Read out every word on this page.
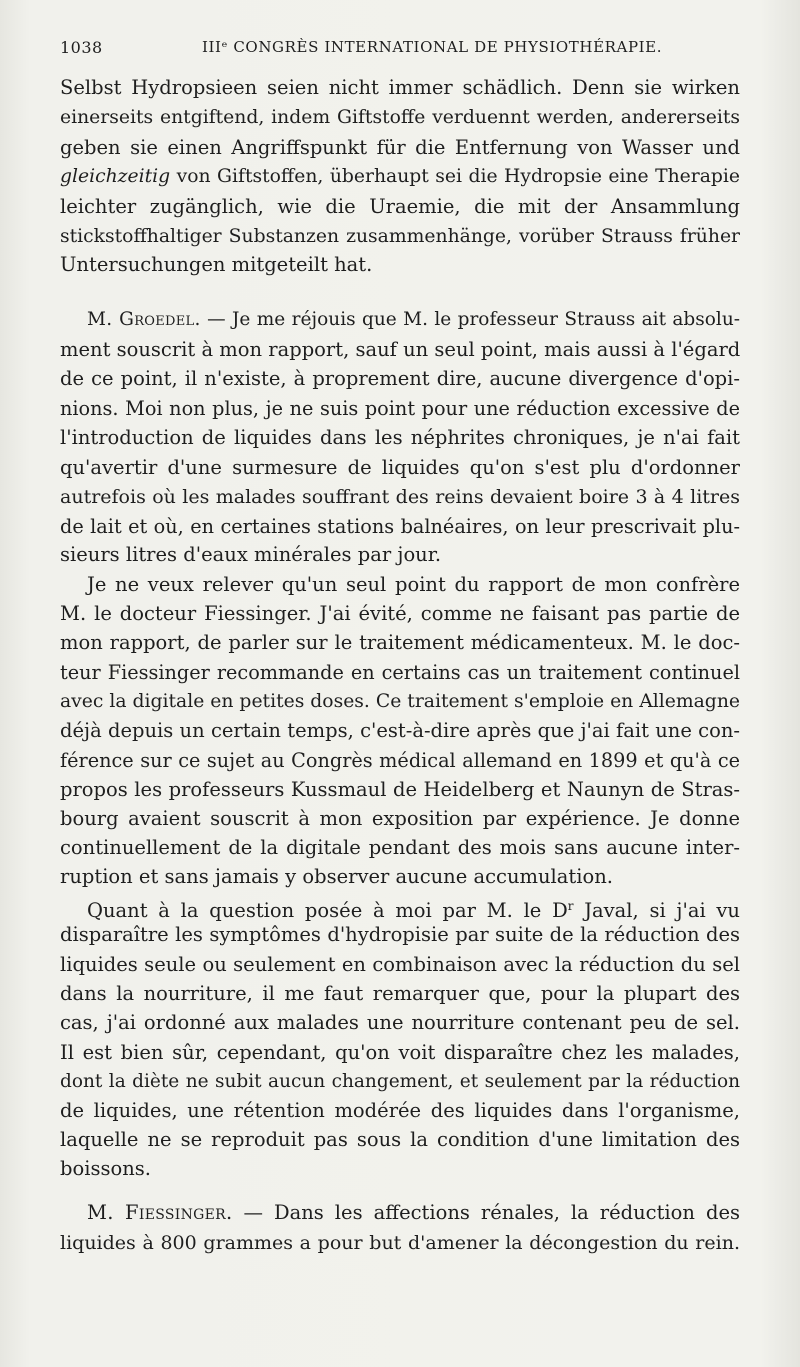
1038	IIIᵉ CONGRÈS INTERNATIONAL DE PHYSIOTHÉRAPIE.
Selbst Hydropsieen seien nicht immer schädlich. Denn sie wirken
einerseits entgiftend, indem Giftstoffe verduennt werden, andererseits
geben sie einen Angriffspunkt für die Entfernung von Wasser und
gleichzeitig von Giftstoffen, überhaupt sei die Hydropsie eine Therapie
leichter zugänglich, wie die Uraemie, die mit der Ansammlung
stickstoffhaltiger Substanzen zusammenhänge, vorüber Strauss früher
Untersuchungen mitgeteilt hat.
M. Groedel. — Je me réjouis que M. le professeur Strauss ait absolu-
ment souscrit à mon rapport, sauf un seul point, mais aussi à l'égard
de ce point, il n'existe, à proprement dire, aucune divergence d'opi-
nions. Moi non plus, je ne suis point pour une réduction excessive de
l'introduction de liquides dans les néphrites chroniques, je n'ai fait
qu'avertir d'une surmesure de liquides qu'on s'est plu d'ordonner
autrefois où les malades souffrant des reins devaient boire 3 à 4 litres
de lait et où, en certaines stations balnéaires, on leur prescrivait plu-
sieurs litres d'eaux minérales par jour.
Je ne veux relever qu'un seul point du rapport de mon confrère
M. le docteur Fiessinger. J'ai évité, comme ne faisant pas partie de
mon rapport, de parler sur le traitement médicamenteux. M. le doc-
teur Fiessinger recommande en certains cas un traitement continuel
avec la digitale en petites doses. Ce traitement s'emploie en Allemagne
déjà depuis un certain temps, c'est-à-dire après que j'ai fait une con-
férence sur ce sujet au Congrès médical allemand en 1899 et qu'à ce
propos les professeurs Kussmaul de Heidelberg et Naunyn de Stras-
bourg avaient souscrit à mon exposition par expérience. Je donne
continuellement de la digitale pendant des mois sans aucune inter-
ruption et sans jamais y observer aucune accumulation.
Quant à la question posée à moi par M. le $D^r$ Javal, si j'ai vu
disparaître les symptômes d'hydropisie par suite de la réduction des
liquides seule ou seulement en combinaison avec la réduction du sel
dans la nourriture, il me faut remarquer que, pour la plupart des
cas, j'ai ordonné aux malades une nourriture contenant peu de sel.
Il est bien sûr, cependant, qu'on voit disparaître chez les malades,
dont la diète ne subit aucun changement, et seulement par la réduction
de liquides, une rétention modérée des liquides dans l'organisme,
laquelle ne se reproduit pas sous la condition d'une limitation des
boissons.
M. Fiessinger. — Dans les affections rénales, la réduction des
liquides à 800 grammes a pour but d'amener la décongestion du rein.
